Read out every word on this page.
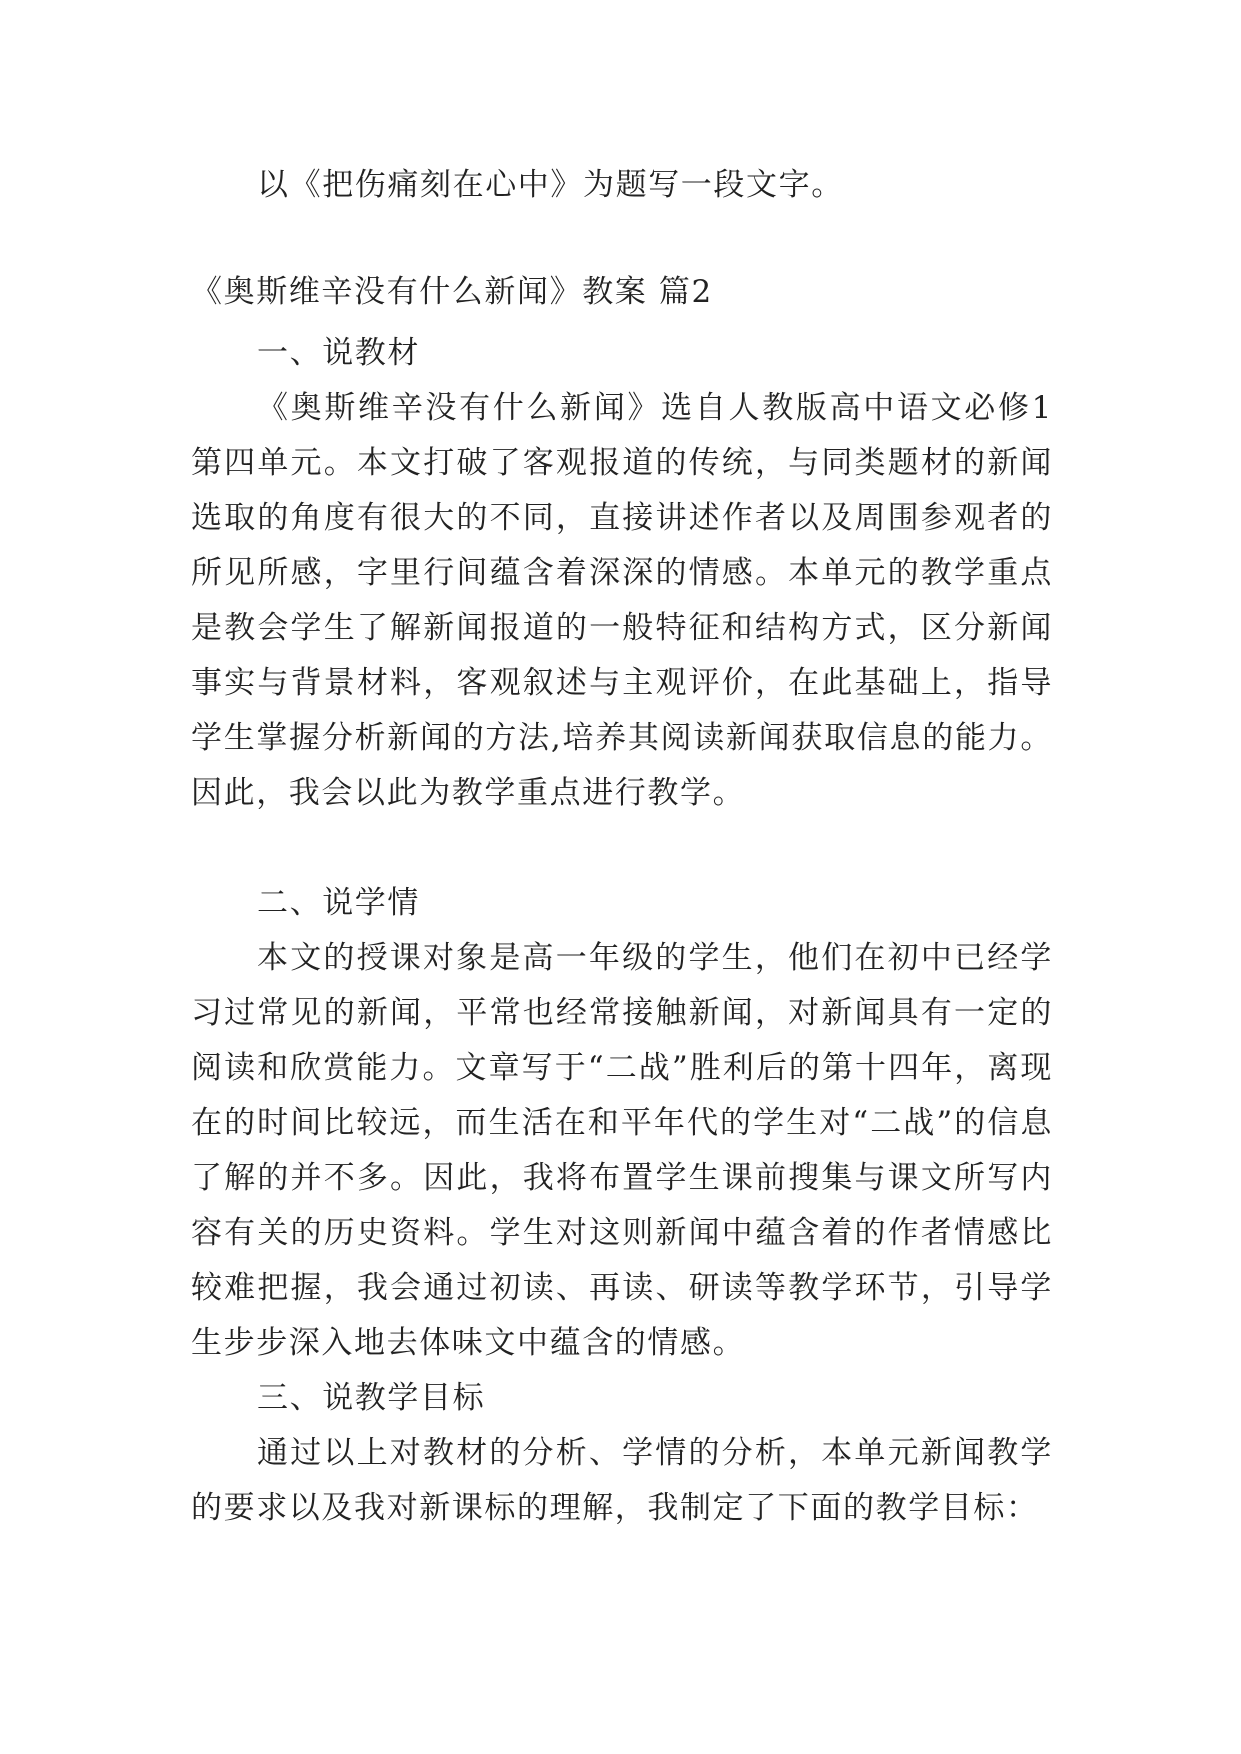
以《把伤痛刻在心中》为题写一段文字。

《奥斯维辛没有什么新闻》教案 篇2

一、说教材

《奥斯维辛没有什么新闻》选自人教版高中语文必修1第四单元。本文打破了客观报道的传统，与同类题材的新闻选取的角度有很大的不同，直接讲述作者以及周围参观者的所见所感，字里行间蕴含着深深的情感。本单元的教学重点是教会学生了解新闻报道的一般特征和结构方式，区分新闻事实与背景材料，客观叙述与主观评价，在此基础上，指导学生掌握分析新闻的方法,培养其阅读新闻获取信息的能力。因此，我会以此为教学重点进行教学。

二、说学情

本文的授课对象是高一年级的学生，他们在初中已经学习过常见的新闻，平常也经常接触新闻，对新闻具有一定的阅读和欣赏能力。文章写于“二战”胜利后的第十四年，离现在的时间比较远，而生活在和平年代的学生对“二战”的信息了解的并不多。因此，我将布置学生课前搜集与课文所写内容有关的历史资料。学生对这则新闻中蕴含着的作者情感比较难把握，我会通过初读、再读、研读等教学环节，引导学生步步深入地去体味文中蕴含的情感。

三、说教学目标

通过以上对教材的分析、学情的分析，本单元新闻教学的要求以及我对新课标的理解，我制定了下面的教学目标：
